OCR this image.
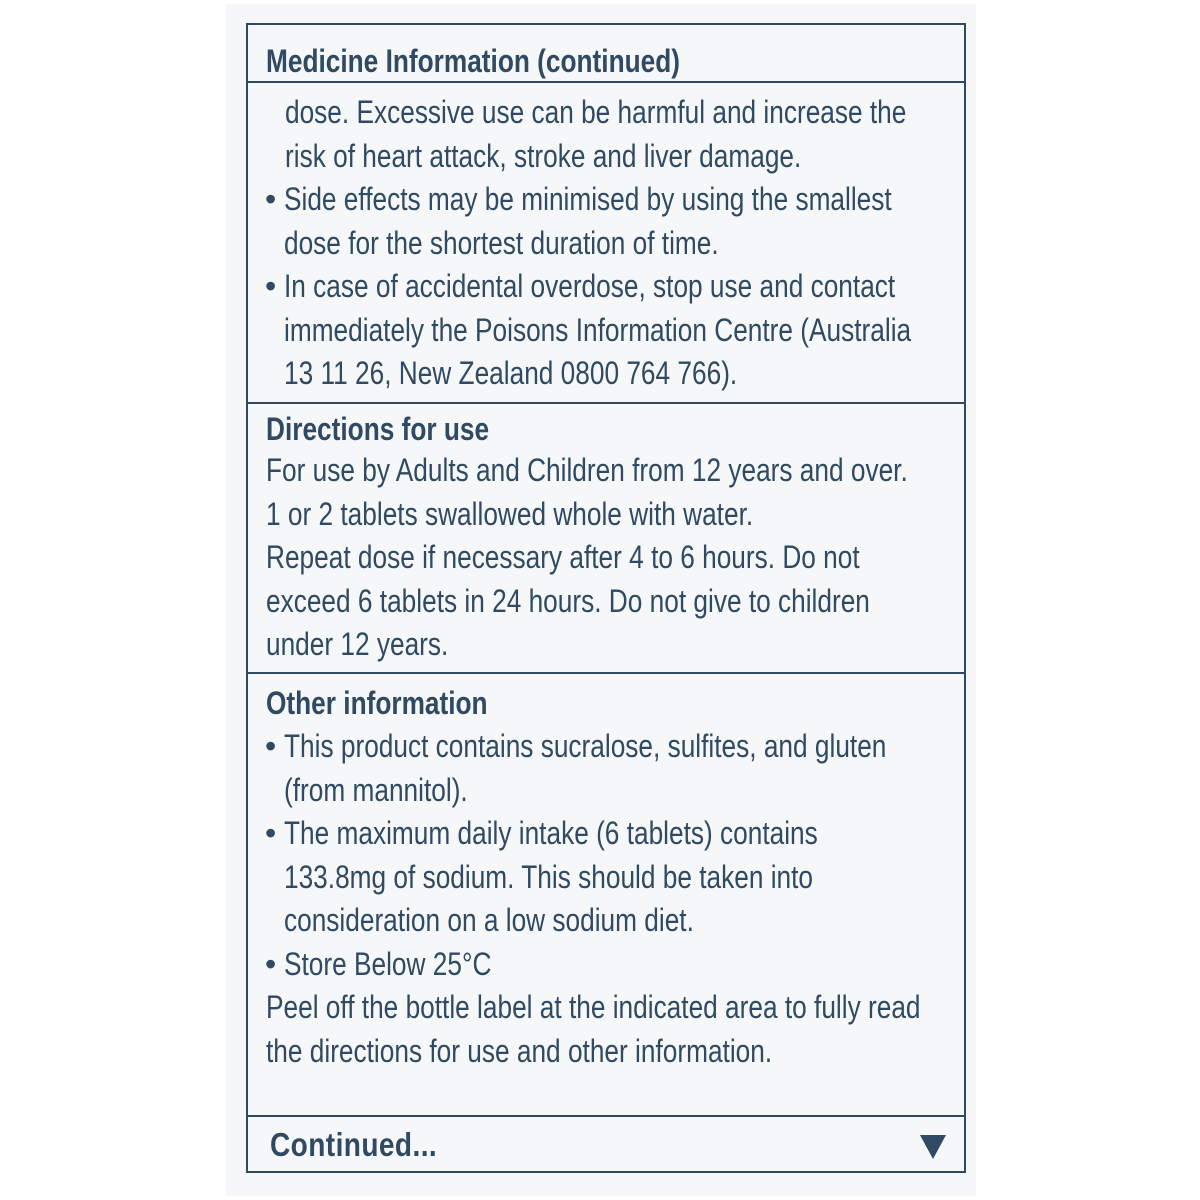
Medicine Information (continued)
dose. Excessive use can be harmful and increase the
risk of heart attack, stroke and liver damage.
• Side effects may be minimised by using the smallest
dose for the shortest duration of time.
• In case of accidental overdose, stop use and contact
immediately the Poisons Information Centre (Australia
13 11 26, New Zealand 0800 764 766).
Directions for use
For use by Adults and Children from 12 years and over.
1 or 2 tablets swallowed whole with water.
Repeat dose if necessary after 4 to 6 hours. Do not
exceed 6 tablets in 24 hours. Do not give to children
under 12 years.
Other information
• This product contains sucralose, sulfites, and gluten
(from mannitol).
• The maximum daily intake (6 tablets) contains
133.8mg of sodium. This should be taken into
consideration on a low sodium diet.
• Store Below 25°C
Peel off the bottle label at the indicated area to fully read
the directions for use and other information.
Continued...
